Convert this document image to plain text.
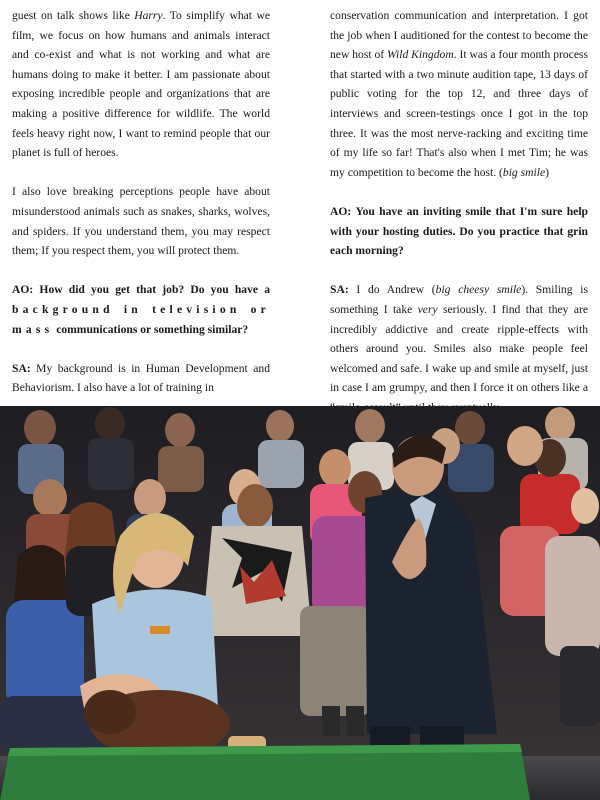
guest on talk shows like Harry. To simplify what we film, we focus on how humans and animals interact and co-exist and what is not working and what are humans doing to make it better. I am passionate about exposing incredible people and organizations that are making a positive difference for wildlife. The world feels heavy right now, I want to remind people that our planet is full of heroes.

I also love breaking perceptions people have about misunderstood animals such as snakes, sharks, wolves, and spiders. If you understand them, you may respect them; If you respect them, you will protect them.

AO: How did you get that job? Do you have a background in television or mass communications or something similar?

SA: My background is in Human Development and Behaviorism. I also have a lot of training in

conservation communication and interpretation. I got the job when I auditioned for the contest to become the new host of Wild Kingdom. It was a four month process that started with a two minute audition tape, 13 days of public voting for the top 12, and three days of interviews and screen-testings once I got in the top three. It was the most nerve-racking and exciting time of my life so far! That's also when I met Tim; he was my competition to become the host. (big smile)

AO: You have an inviting smile that I'm sure help with your hosting duties. Do you practice that grin each morning?

SA: I do Andrew (big cheesy smile). Smiling is something I take very seriously. I find that they are incredibly addictive and create ripple-effects with others around you. Smiles also make people feel welcomed and safe. I wake up and smile at myself, just in case I am grumpy, and then I force it on others like a
